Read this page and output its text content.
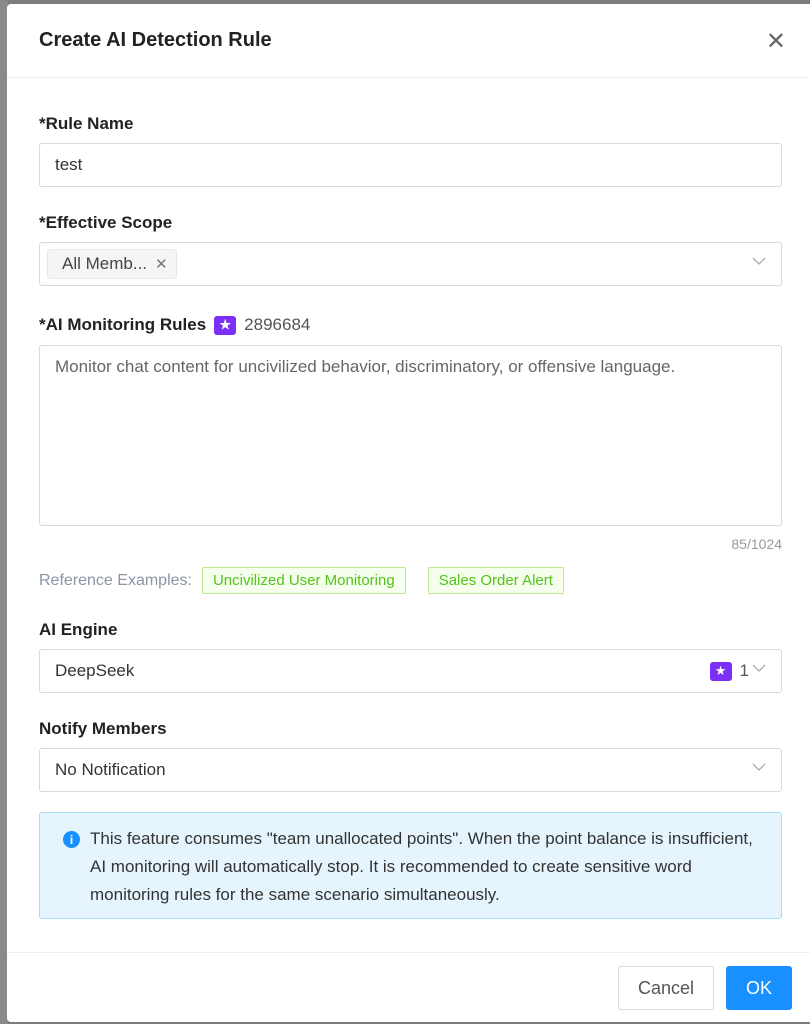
Create AI Detection Rule	✕
*Rule Name
test
*Effective Scope
All Memb... ✕
*AI Monitoring Rules	★ 2896684
Monitor chat content for uncivilized behavior, discriminatory, or offensive language.
85/1024
Reference Examples:	Uncivilized User Monitoring	Sales Order Alert
AI Engine
DeepSeek	★ 1
Notify Members
No Notification
i This feature consumes "team unallocated points". When the point balance is insufficient, AI monitoring will automatically stop. It is recommended to create sensitive word monitoring rules for the same scenario simultaneously.
Cancel	OK
